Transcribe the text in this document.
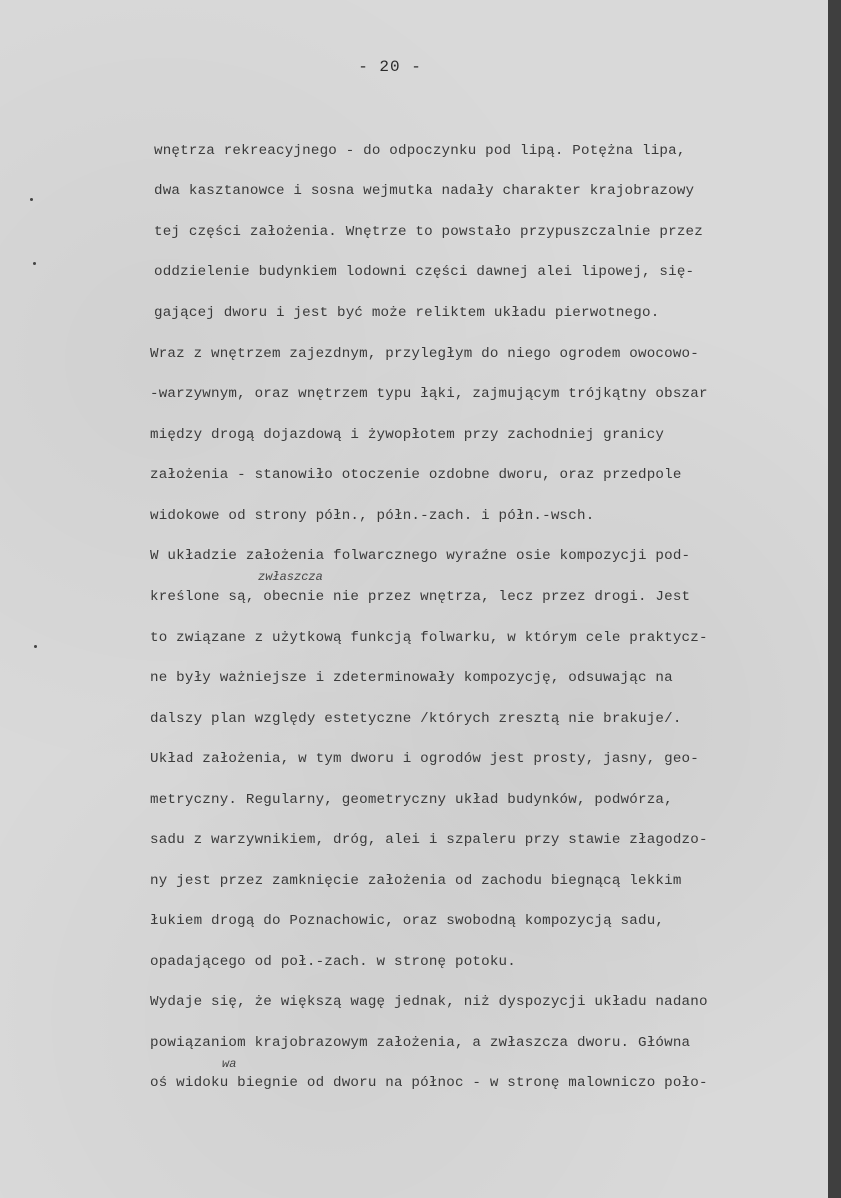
- 20 -
zwłaszcza
wa
wnętrza rekreacyjnego - do odpoczynku pod lipą. Potężna lipa,
dwa kasztanowce i sosna wejmutka nadały charakter krajobrazowy
tej części założenia. Wnętrze to powstało przypuszczalnie przez
oddzielenie budynkiem lodowni części dawnej alei lipowej, się-
gającej dworu i jest być może reliktem układu pierwotnego.
Wraz z wnętrzem zajezdnym, przyległym do niego ogrodem owocowo-
-warzywnym, oraz wnętrzem typu łąki, zajmującym trójkątny obszar
między drogą dojazdową i żywopłotem przy zachodniej granicy
założenia - stanowiło otoczenie ozdobne dworu, oraz przedpole
widokowe od strony półn., półn.-zach. i półn.-wsch.
W układzie założenia folwarcznego wyraźne osie kompozycji pod-
kreślone są, obecnie nie przez wnętrza, lecz przez drogi. Jest
to związane z użytkową funkcją folwarku, w którym cele praktycz-
ne były ważniejsze i zdeterminowały kompozycję, odsuwając na
dalszy plan względy estetyczne /których zresztą nie brakuje/.
Układ założenia, w tym dworu i ogrodów jest prosty, jasny, geo-
metryczny. Regularny, geometryczny układ budynków, podwórza,
sadu z warzywnikiem, dróg, alei i szpaleru przy stawie złagodzo-
ny jest przez zamknięcie założenia od zachodu biegnącą lekkim
łukiem drogą do Poznachowic, oraz swobodną kompozycją sadu,
opadającego od poł.-zach. w stronę potoku.
Wydaje się, że większą wagę jednak, niż dyspozycji układu nadano
powiązaniom krajobrazowym założenia, a zwłaszcza dworu. Główna
oś widoku biegnie od dworu na północ - w stronę malowniczo poło-
